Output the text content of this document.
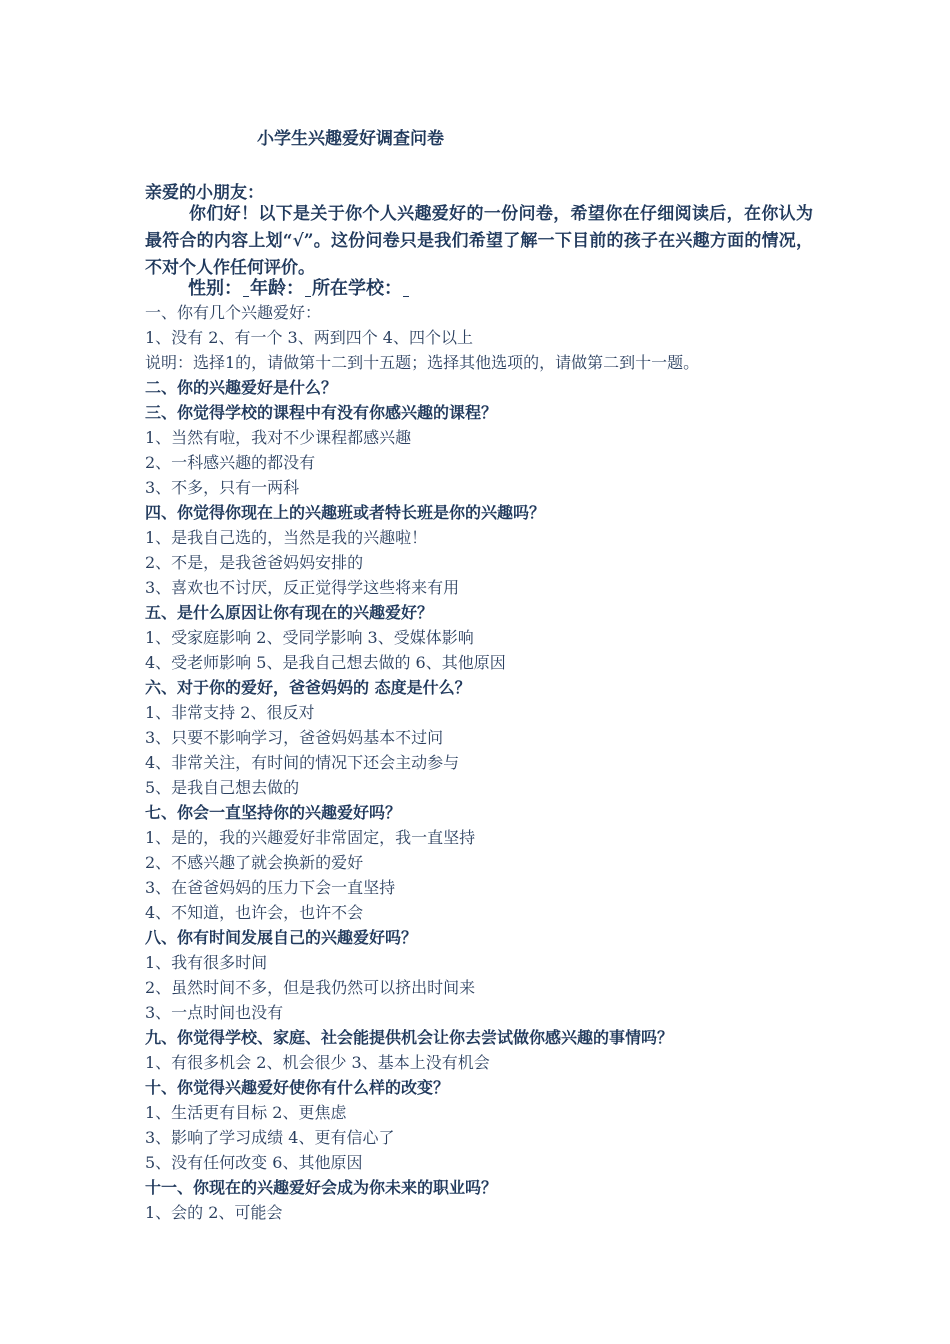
小学生兴趣爱好调查问卷
亲爱的小朋友：
你们好！以下是关于你个人兴趣爱好的一份问卷，希望你在仔细阅读后，在你认为最符合的内容上划“√”。这份问卷只是我们希望了解一下目前的孩子在兴趣方面的情况，不对个人作任何评价。
性别： 年龄： 所在学校：
一、你有几个兴趣爱好：
1、没有 2、有一个 3、两到四个 4、四个以上
说明：选择1的，请做第十二到十五题；选择其他选项的，请做第二到十一题。
二、你的兴趣爱好是什么？
三、你觉得学校的课程中有没有你感兴趣的课程？
1、当然有啦，我对不少课程都感兴趣
2、一科感兴趣的都没有
3、不多，只有一两科
四、你觉得你现在上的兴趣班或者特长班是你的兴趣吗？
1、是我自己选的，当然是我的兴趣啦！
2、不是，是我爸爸妈妈安排的
3、喜欢也不讨厌，反正觉得学这些将来有用
五、是什么原因让你有现在的兴趣爱好？
1、受家庭影响 2、受同学影响 3、受媒体影响
4、受老师影响 5、是我自己想去做的 6、其他原因
六、对于你的爱好，爸爸妈妈的 态度是什么？
1、非常支持 2、很反对
3、只要不影响学习，爸爸妈妈基本不过问
4、非常关注，有时间的情况下还会主动参与
5、是我自己想去做的
七、你会一直坚持你的兴趣爱好吗？
1、是的，我的兴趣爱好非常固定，我一直坚持
2、不感兴趣了就会换新的爱好
3、在爸爸妈妈的压力下会一直坚持
4、不知道，也许会，也许不会
八、你有时间发展自己的兴趣爱好吗？
1、我有很多时间
2、虽然时间不多，但是我仍然可以挤出时间来
3、一点时间也没有
九、你觉得学校、家庭、社会能提供机会让你去尝试做你感兴趣的事情吗？
1、有很多机会 2、机会很少 3、基本上没有机会
十、你觉得兴趣爱好使你有什么样的改变？
1、生活更有目标 2、更焦虑
3、影响了学习成绩 4、更有信心了
5、没有任何改变 6、其他原因
十一、你现在的兴趣爱好会成为你未来的职业吗？
1、会的 2、可能会
